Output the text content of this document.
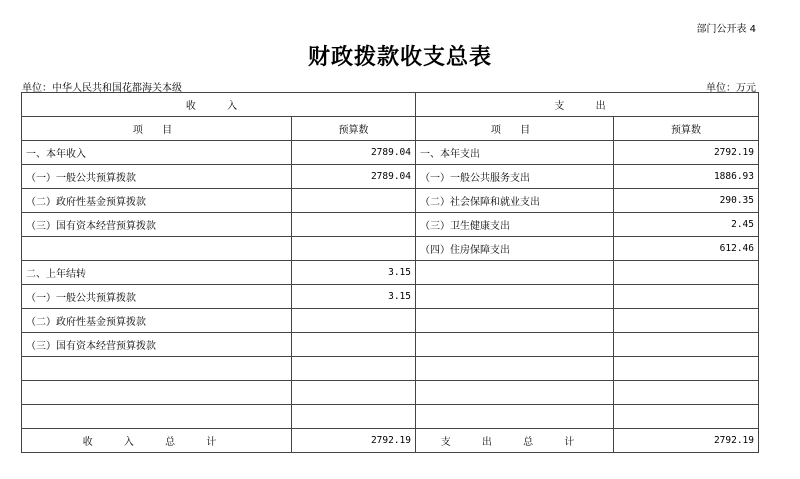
部门公开表 4
财政拨款收支总表
单位：中华人民共和国花都海关本级	单位：万元
收 入		支 出	
项 目	预算数	项 目	预算数
一、本年收入	2789.04	一、本年支出	2792.19
（一）一般公共预算拨款	2789.04	（一）一般公共服务支出	1886.93
（二）政府性基金预算拨款		（二）社会保障和就业支出	290.35
（三）国有资本经营预算拨款		（三）卫生健康支出	2.45
		（四）住房保障支出	612.46
二、上年结转	3.15		
（一）一般公共预算拨款	3.15		
（二）政府性基金预算拨款			
（三）国有资本经营预算拨款			

收 入 总 计	2792.19	支 出 总 计	2792.19
